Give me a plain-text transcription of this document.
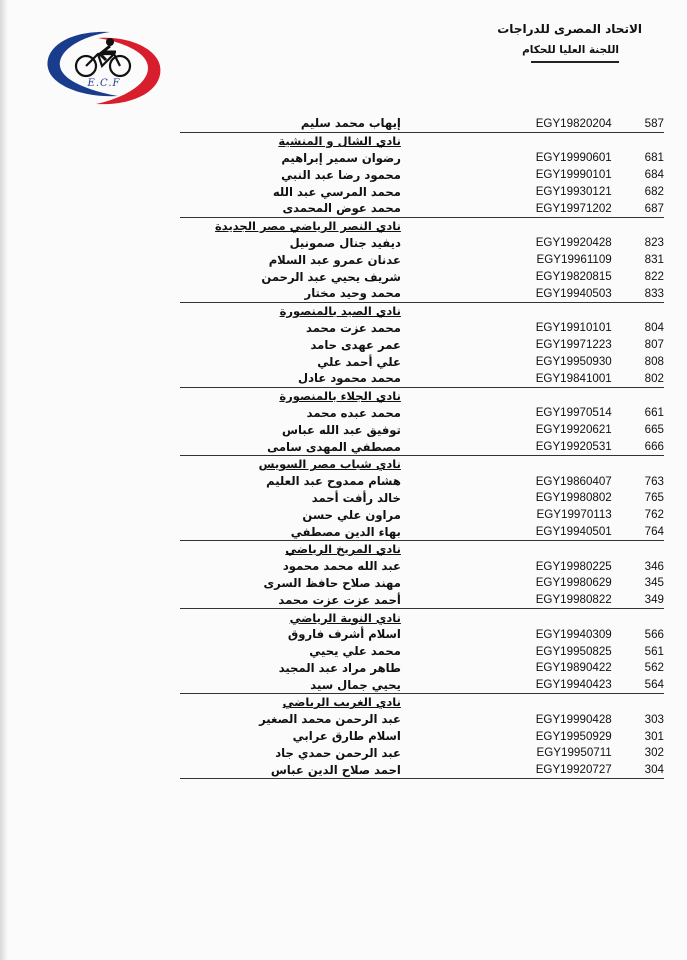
E.C.F
الاتحاد المصرى للدراجات
اللجنة العليا للحكام
إيهاب محمد سليم	EGY19820204	587
نادي الشال و المنشية		
رضوان سمير إبراهيم	EGY19990601	681
محمود رضا عبد النبي	EGY19990101	684
محمد المرسي عبد الله	EGY19930121	682
محمد عوض المحمدى	EGY19971202	687
نادي النصر الرياضي مصر الجديدة		
ديفيد جنال صمونيل	EGY19920428	823
عدنان عمرو عبد السلام	EGY19961109	831
شريف يحيي عبد الرحمن	EGY19820815	822
محمد وحيد مختار	EGY19940503	833
نادي الصيد بالمنصورة		
محمد عزت محمد	EGY19910101	804
عمر عهدى حامد	EGY19971223	807
علي أحمد علي	EGY19950930	808
محمد محمود عادل	EGY19841001	802
نادي الجلاء بالمنصورة		
محمد عبده محمد	EGY19970514	661
توفيق عبد الله عباس	EGY19920621	665
مصطفي المهدى سامى	EGY19920531	666
نادي شباب مصر السويس		
هشام ممدوح عبد العليم	EGY19860407	763
خالد رأفت أحمد	EGY19980802	765
مراون علي حسن	EGY19970113	762
بهاء الدين مصطفي	EGY19940501	764
نادي المريخ الرياضي		
عبد الله محمد محمود	EGY19980225	346
مهند صلاح حافظ السرى	EGY19980629	345
أحمد عزت عزت محمد	EGY19980822	349
نادي النوبة الرياضي		
اسلام أشرف فاروق	EGY19940309	566
محمد علي يحيي	EGY19950825	561
طاهر مراد عبد المجيد	EGY19890422	562
يحيي جمال سيد	EGY19940423	564
نادي الغريب الرياضي		
عبد الرحمن محمد الصغير	EGY19990428	303
اسلام طارق عرابي	EGY19950929	301
عبد الرحمن حمدي جاد	EGY19950711	302
احمد صلاح الدين عباس	EGY19920727	304
